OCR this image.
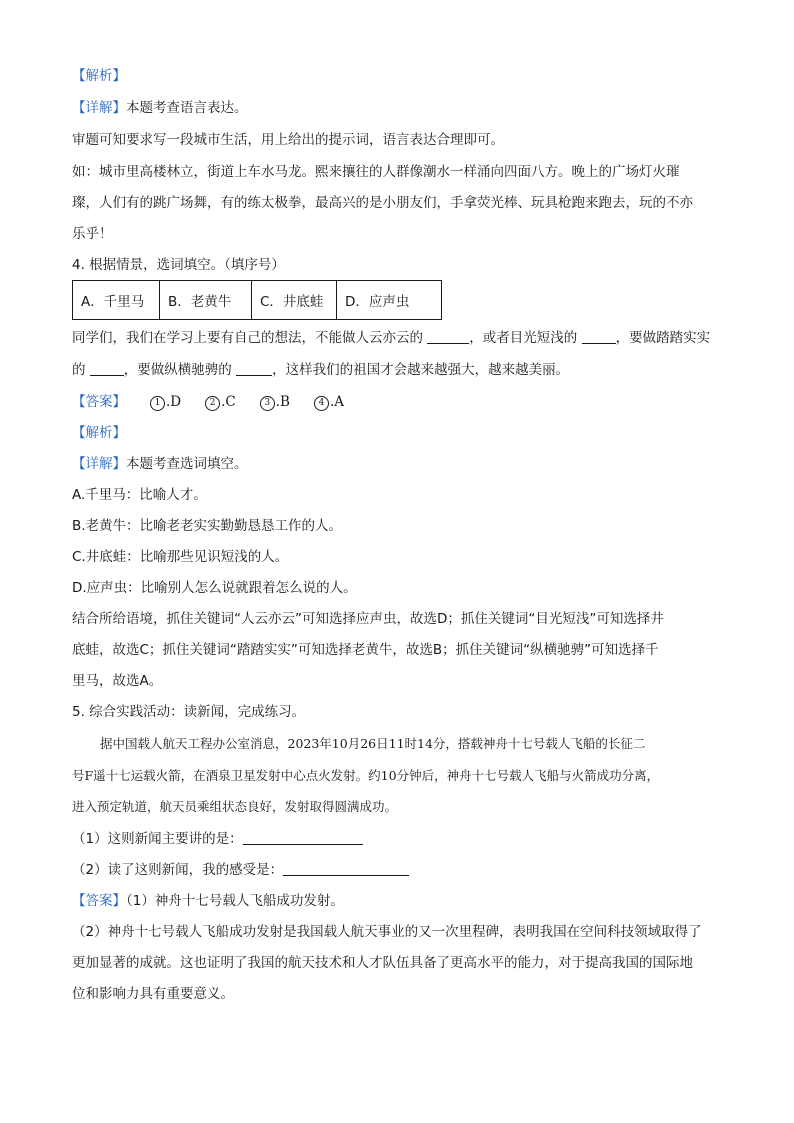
【解析】
【详解】本题考查语言表达。
审题可知要求写一段城市生活，用上给出的提示词，语言表达合理即可。
如：城市里高楼林立，街道上车水马龙。熙来攘往的人群像潮水一样涌向四面八方。晚上的广场灯火璀
璨，人们有的跳广场舞，有的练太极拳，最高兴的是小朋友们，手拿荧光棒、玩具枪跑来跑去，玩的不亦
乐乎！
4. 根据情景，选词填空。（填序号）
A．千里马	B．老黄牛	C．井底蛙	D．应声虫
同学们，我们在学习上要有自己的想法，不能做人云亦云的	，或者目光短浅的	，要做踏踏实实
的	，要做纵横驰骋的	，这样我们的祖国才会越来越强大，越来越美丽。
【答案】	1 .D	2 .C	3 .B	4 .A
【解析】
【详解】本题考查选词填空。
A.千里马：比喻人才。
B.老黄牛：比喻老老实实勤勤恳恳工作的人。
C.井底蛙：比喻那些见识短浅的人。
D.应声虫：比喻别人怎么说就跟着怎么说的人。
结合所给语境，抓住关键词“人云亦云”可知选择应声虫，故选D；抓住关键词“目光短浅”可知选择井
底蛙，故选C；抓住关键词“踏踏实实”可知选择老黄牛，故选B；抓住关键词“纵横驰骋”可知选择千
里马，故选A。
5. 综合实践活动：读新闻，完成练习。
据中国载人航天工程办公室消息，2023年10月26日11时14分，搭载神舟十七号载人飞船的长征二
号F遥十七运载火箭，在酒泉卫星发射中心点火发射。约10分钟后，神舟十七号载人飞船与火箭成功分离，
进入预定轨道，航天员乘组状态良好，发射取得圆满成功。
（1）这则新闻主要讲的是：
（2）读了这则新闻，我的感受是：
【答案】（1）神舟十七号载人飞船成功发射。
（2）神舟十七号载人飞船成功发射是我国载人航天事业的又一次里程碑，表明我国在空间科技领域取得了
更加显著的成就。这也证明了我国的航天技术和人才队伍具备了更高水平的能力，对于提高我国的国际地
位和影响力具有重要意义。
